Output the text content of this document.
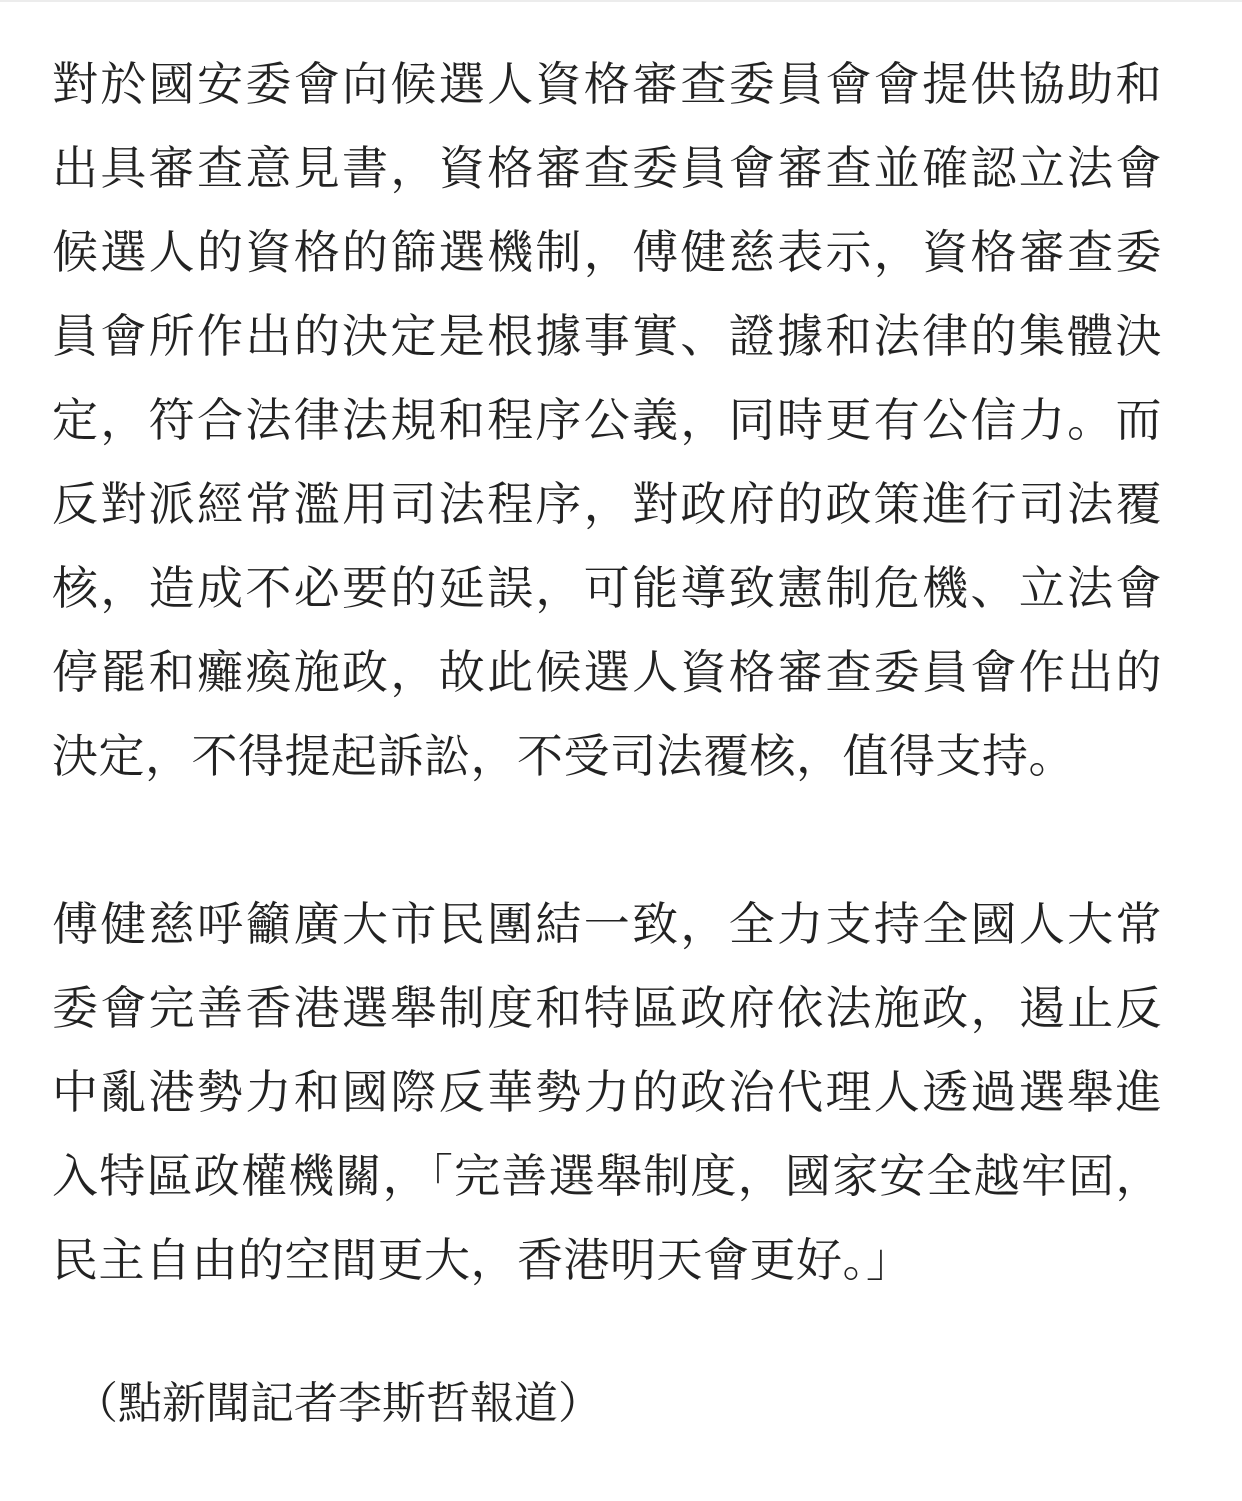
對於國安委會向候選人資格審查委員會會提供協助和出具審查意見書，資格審查委員會審查並確認立法會候選人的資格的篩選機制，傅健慈表示，資格審查委員會所作出的決定是根據事實、證據和法律的集體決定，符合法律法規和程序公義，同時更有公信力。而反對派經常濫用司法程序，對政府的政策進行司法覆核，造成不必要的延誤，可能導致憲制危機、立法會停罷和癱瘓施政，故此候選人資格審查委員會作出的決定，不得提起訴訟，不受司法覆核，值得支持。

傅健慈呼籲廣大市民團結一致，全力支持全國人大常委會完善香港選舉制度和特區政府依法施政，遏止反中亂港勢力和國際反華勢力的政治代理人透過選舉進入特區政權機關，「完善選舉制度，國家安全越牢固，民主自由的空間更大，香港明天會更好。」

（點新聞記者李斯哲報道）
